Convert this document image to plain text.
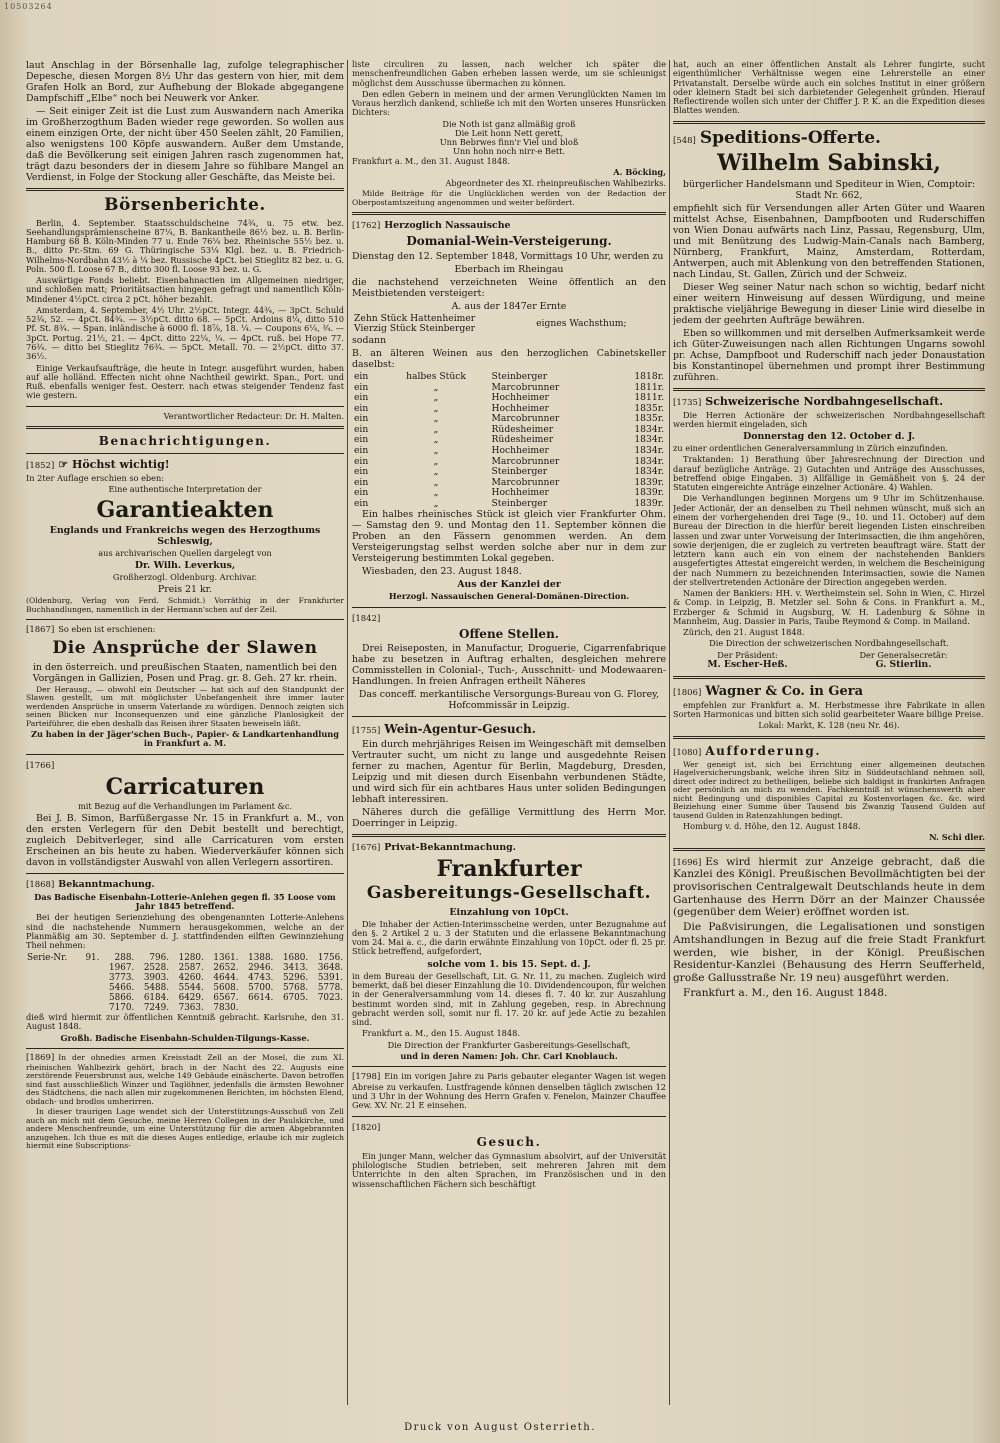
10503264

laut Anschlag in der Börsenhalle lag, zufolge telegraphischer Depesche, diesen Morgen 8½ Uhr das gestern von hier, mit dem Grafen Holk an Bord, zur Aufhebung der Blokade abgegangene Dampfschiff „Elbe“ noch bei Neuwerk vor Anker.

— Seit einiger Zeit ist die Lust zum Auswandern nach Amerika im Großherzogthum Baden wieder rege geworden. So wollen aus einem einzigen Orte, der nicht über 450 Seelen zählt, 20 Familien, also wenigstens 100 Köpfe auswandern. Außer dem Umstande, daß die Bevölkerung seit einigen Jahren rasch zugenommen hat, trägt dazu besonders der in diesem Jahre so fühlbare Mangel an Verdienst, in Folge der Stockung aller Geschäfte, das Meiste bei.

Börsenberichte.

Berlin, 4. September. Staatsschuldscheine 74¾, u. 75 etw. bez. Seehandlungsprämienscheine 87¼, B. Bankantheile 86½ bez. u. B. Berlin-Hamburg 68 B. Köln-Minden 77 u. Ende 76¼ bez. Rheinische 55½ bez. u. B., ditto Pr.-Stm. 69 G. Thüringische 53¼ Klgl. bez. u. B. Friedrich-Wilhelms-Nordbahn 43½ à ¼ bez. Russische 4pCt. bei Stieglitz 82 bez. u. G. Poln. 500 fl. Loose 67 B., ditto 300 fl. Loose 93 bez. u. G.

Auswärtige Fonds beliebt. Eisenbahnactien im Allgemeinen niedriger, und schloßen matt; Prioritätsactien hingegen gefragt und namentlich Köln-Mindener 4½pCt. circa 2 pCt. höher bezahlt.

Amsterdam, 4. September, 4½ Uhr. 2½pCt. Integr. 44¾, — 3pCt. Schuld 52¾, 52. — 4pCt. 84¾. — 3½pCt. ditto 68. — 5pCt. Ardoins 8¼, ditto 510 Pf. St. 8¾. — Span. inländische à 6000 fl. 18⅞, 18. ¼. — Coupons 6¼, ¾. — 3pCt. Portug. 21½, 21. — 4pCt. ditto 22¼, ¼. — 4pCt. ruß. bei Hope 77. 76¾. — ditto bei Stieglitz 76¾. — 5pCt. Metall. 70. — 2½pCt. ditto 37. 36½.

Einige Verkaufsaufträge, die heute in Integr. ausgeführt wurden, haben auf alle holländ. Effecten nicht ohne Nachtheil gewirkt. Span., Port. und Ruß. ebenfalls weniger fest. Oesterr. nach etwas steigender Tendenz fast wie gestern.

Verantwortlicher Redacteur: Dr. H. Malten.

Benachrichtigungen.

[1852] ☞ Höchst wichtig!

In 2ter Auflage erschien so eben:

Eine authentische Interpretation der

Garantieakten

Englands und Frankreichs wegen des Herzogthums Schleswig,

aus archivarischen Quellen dargelegt von

Dr. Wilh. Leverkus,

Großherzogl. Oldenburg. Archivar.

Preis 21 kr.

(Oldenburg, Verlag von Ferd. Schmidt.) Vorräthig in der Frankfurter Buchhandlungen, namentlich in der Hermann'schen auf der Zeil.

[1867] So eben ist erschienen:

Die Ansprüche der Slawen

in den österreich. und preußischen Staaten, namentlich bei den Vorgängen in Gallizien, Posen und Prag. gr. 8. Geh. 27 kr. rhein.

Der Herausg., — obwohl ein Deutscher — hat sich auf den Standpunkt der Slawen gestellt, um mit möglichster Unbefangenheit ihre immer lauter werdenden Ansprüche in unserm Vaterlande zu würdigen. Dennoch zeigten sich seinen Blicken nur Inconsequenzen und eine gänzliche Planlosigkeit der Parteiführer, die eben deshalb das Reisen ihrer Staaten beweiseln läßt.

Zu haben in der Jäger'schen Buch-, Papier- & Landkartenhandlung in Frankfurt a. M.

[1766]

Carricaturen

mit Bezug auf die Verhandlungen im Parlament &c.

Bei J. B. Simon, Barfüßergasse Nr. 15 in Frankfurt a. M., von den ersten Verlegern für den Debit bestellt und berechtigt, zugleich Debitverleger, sind alle Carricaturen vom ersten Erscheinen an bis heute zu haben. Wiederverkäufer können sich davon in vollständigster Auswahl von allen Verlegern assortiren.

[1868] Bekanntmachung.

Das Badische Eisenbahn-Lotterie-Anlehen gegen fl. 35 Loose vom Jahr 1845 betreffend.

Bei der heutigen Serienziehung des obengenannten Lotterie-Anlehens sind die nachstehende Nummern herausgekommen, welche an der Planmäßig am 30. September d. J. stattfindenden eilften Gewinnziehung Theil nehmen:

Serie-Nr.	91.	288.	796.	1280.	1361.	1388.	1680.	1756.
		1967.	2528.	2587.	2652.	2946.	3413.	3648.
		3773.	3903.	4260.	4644.	4743.	5296.	5391.
		5466.	5488.	5544.	5608.	5700.	5768.	5778.
		5866.	6184.	6429.	6567.	6614.	6705.	7023.
		7170.	7249.	7363.	7830.			

dieß wird hiermit zur öffentlichen Kenntniß gebracht. Karlsruhe, den 31. August 1848.

Großh. Badische Eisenbahn-Schulden-Tilgungs-Kasse.

[1869] In der ohnedies armen Kreisstadt Zell an der Mosel, die zum XI. rheinischen Wahlbezirk gehört, brach in der Nacht des 22. Augusts eine zerstörende Feuersbrunst aus, welche 149 Gebäude einäscherte. Davon betroffen sind fast ausschließlich Winzer und Taglöhner, jedenfalls die ärmsten Bewohner des Städtchens, die nach allen mir zugekommenen Berichten, im höchsten Elend, obdach- und brodlos umherirren.

In dieser traurigen Lage wendet sich der Unterstützungs-Ausschuß von Zell auch an mich mit dem Gesuche, meine Herren Collegen in der Paulskirche, und andere Menschenfreunde, um eine Unterstützung für die armen Abgebrannten anzugehen. Ich thue es mit die dieses Auges entledige, erlaube ich mir zugleich hiermit eine Subscriptions-

liste circuliren zu lassen, nach welcher ich später die menschenfreundlichen Gaben erheben lassen werde, um sie schleunigst möglichst dem Ausschusse übermachen zu können.

Den edlen Gebern in meinem und der armen Verunglückten Namen im Voraus herzlich dankend, schließe ich mit den Worten unseres Hunsrücken Dichters:

Die Noth ist ganz allmäßig groß
Die Leit honn Nett gerett,
Unn Bebrwes finn'r Viel und bloß
Unn hohn noch nirr-e Bett.

Frankfurt a. M., den 31. August 1848.

A. Böcking,

Abgeordneter des XI. rheinpreußischen Wahlbezirks.

Milde Beiträge für die Unglücklichen werden von der Redaction der Oberpostamtszeitung angenommen und weiter befördert.

[1762] Herzoglich Nassauische

Domanial-Wein-Versteigerung.

Dienstag den 12. September 1848, Vormittags 10 Uhr, werden zu

Eberbach im Rheingau

die nachstehend verzeichneten Weine öffentlich an den Meistbietenden versteigert:

A. aus der 1847er Ernte

Zehn Stück Hattenheimer
Vierzig Stück Steinberger	eignes Wachsthum;

sodann

B. an älteren Weinen aus den herzoglichen Cabinetskeller daselbst:

ein	halbes Stück	Steinberger	1818r.
ein	„	Marcobrunner	1811r.
ein	„	Hochheimer	1811r.
ein	„	Hochheimer	1835r.
ein	„	Marcobrunner	1835r.
ein	„	Rüdesheimer	1834r.
ein	„	Rüdesheimer	1834r.
ein	„	Hochheimer	1834r.
ein	„	Marcobrunner	1834r.
ein	„	Steinberger	1834r.
ein	„	Marcobrunner	1839r.
ein	„	Hochheimer	1839r.
ein	„	Steinberger	1839r.

Ein halbes rheinisches Stück ist gleich vier Frankfurter Ohm. — Samstag den 9. und Montag den 11. September können die Proben an den Fässern genommen werden. An dem Versteigerungstag selbst werden solche aber nur in dem zur Versteigerung bestimmten Lokal gegeben.

Wiesbaden, den 23. August 1848.

Aus der Kanzlei der

Herzogl. Nassauischen General-Domänen-Direction.

[1842]

Offene Stellen.

Drei Reiseposten, in Manufactur, Droguerie, Cigarrenfabrique habe zu besetzen in Auftrag erhalten, desgleichen mehrere Commisstellen in Colonial-, Tuch-, Ausschnitt- und Modewaaren-Handlungen. In freien Anfragen ertheilt Näheres

Das conceff. merkantilische Versorgungs-Bureau von G. Florey, Hofcommissär in Leipzig.

[1755] Wein-Agentur-Gesuch.

Ein durch mehrjähriges Reisen im Weingeschäft mit demselben Vertrauter sucht, um nicht zu lange und ausgedehnte Reisen ferner zu machen, Agentur für Berlin, Magdeburg, Dresden, Leipzig und mit diesen durch Eisenbahn verbundenen Städte, und wird sich für ein achtbares Haus unter soliden Bedingungen lebhaft interessiren.

Näheres durch die gefällige Vermittlung des Herrn Mor. Doerringer in Leipzig.

[1676] Privat-Bekanntmachung.

Frankfurter

Gasbereitungs-Gesellschaft.

Einzahlung von 10pCt.

Die Inhaber der Actien-Interimsscheine werden, unter Bezugnahme auf den §. 2 Artikel 2 u. 3 der Statuten und die erlassene Bekanntmachung vom 24. Mai a. c., die darin erwähnte Einzahlung von 10pCt. oder fl. 25 pr. Stück betreffend, aufgefordert,

solche vom 1. bis 15. Sept. d. J.

in dem Bureau der Gesellschaft, Lit. G. Nr. 11, zu machen. Zugleich wird bemerkt, daß bei dieser Einzahlung die 10. Dividendencoupon, für welchen in der Generalversammlung vom 14. dieses fl. 7. 40 kr. zur Auszahlung bestimmt worden sind, mit in Zahlung gegeben, resp. in Abrechnung gebracht werden soll, somit nur fl. 17. 20 kr. auf jede Actie zu bezahlen sind.

Frankfurt a. M., den 15. August 1848.

Die Direction der Frankfurter Gasbereitungs-Gesellschaft,

und in deren Namen: Joh. Chr. Carl Knoblauch.

[1798] Ein im vorigen Jahre zu Paris gebauter eleganter Wagen ist wegen Abreise zu verkaufen. Lustfragende können denselben täglich zwischen 12 und 3 Uhr in der Wohnung des Herrn Grafen v. Fenelon, Mainzer Chauffee Gew. XV. Nr. 21 E einsehen.

[1820]

Gesuch.

Ein junger Mann, welcher das Gymnasium absolvirt, auf der Universität philologische Studien betrieben, seit mehreren Jahren mit dem Unterrichte in den alten Sprachen, im Französischen und in den wissenschaftlichen Fächern sich beschäftigt

hat, auch an einer öffentlichen Anstalt als Lehrer fungirte, sucht eigenthümlicher Verhältnisse wegen eine Lehrerstelle an einer Privatanstalt. Derselbe würde auch ein solches Institut in einer größern oder kleinern Stadt bei sich darbietender Gelegenheit gründen. Hierauf Reflectirende wollen sich unter der Chiffer J. P. K. an die Expedition dieses Blattes wenden.

[548] Speditions-Offerte.

Wilhelm Sabinski,

bürgerlicher Handelsmann und Spediteur in Wien, Comptoir: Stadt Nr. 662,

empfiehlt sich für Versendungen aller Arten Güter und Waaren mittelst Achse, Eisenbahnen, Dampfbooten und Ruderschiffen von Wien Donau aufwärts nach Linz, Passau, Regensburg, Ulm, und mit Benützung des Ludwig-Main-Canals nach Bamberg, Nürnberg, Frankfurt, Mainz, Amsterdam, Rotterdam, Antwerpen, auch mit Ablenkung von den betreffenden Stationen, nach Lindau, St. Gallen, Zürich und der Schweiz.

Dieser Weg seiner Natur nach schon so wichtig, bedarf nicht einer weitern Hinweisung auf dessen Würdigung, und meine praktische vieljährige Bewegung in dieser Linie wird dieselbe in jedem der geehrten Aufträge bewähren.

Eben so willkommen und mit derselben Aufmerksamkeit werde ich Güter-Zuweisungen nach allen Richtungen Ungarns sowohl pr. Achse, Dampfboot und Ruderschiff nach jeder Donaustation bis Konstantinopel übernehmen und prompt ihrer Bestimmung zuführen.

[1735] Schweizerische Nordbahngesellschaft.

Die Herren Actionäre der schweizerischen Nordbahngesellschaft werden hiermit eingeladen, sich

Donnerstag den 12. October d. J.

zu einer ordentlichen Generalversammlung in Zürich einzufinden.

Traktanden: 1) Berathung über Jahresrechnung der Direction und darauf bezügliche Anträge. 2) Gutachten und Anträge des Ausschusses, betreffend obige Eingaben. 3) Allfällige in Gemäßheit von §. 24 der Statuten eingereichte Anträge einzelner Actionäre. 4) Wahlen.

Die Verhandlungen beginnen Morgens um 9 Uhr im Schützenhause. Jeder Actionär, der an denselben zu Theil nehmen wünscht, muß sich an einem der vorhergehenden drei Tage (9., 10. und 11. October) auf dem Bureau der Direction in die hierfür bereit liegenden Listen einschreiben lassen und zwar unter Vorweisung der Interimsactien, die ihm angehören, sowie derjenigen, die er zugleich zu vertreten beauftragt wäre. Statt der letztern kann auch ein von einem der nachstehenden Bankiers ausgefertigtes Attestat eingereicht werden, in welchem die Bescheinigung der nach Nummern zu bezeichnenden Interimsactien, sowie die Namen der stellvertretenden Actionäre der Direction angegeben werden.

Namen der Bankiers: HH. v. Wertheimstein sel. Sohn in Wien, C. Hirzel & Comp. in Leipzig, B. Metzler sel. Sohn & Cons. in Frankfurt a. M., Erzberger & Schmid in Augsburg, W. H. Ladenburg & Söhne in Mannheim, Aug. Dassier in Paris, Taube Reymond & Comp. in Mailand.

Zürich, den 21. August 1848.

Die Direction der schweizerischen Nordbahngesellschaft.

Der Präsident:	Der Generalsecretär:
M. Escher-Heß.	G. Stierlin.

[1806] Wagner & Co. in Gera

empfehlen zur Frankfurt a. M. Herbstmesse ihre Fabrikate in allen Sorten Harmonicas und bitten sich solid gearbeiteter Waare billige Preise.

Lokal: Markt, K. 128 (neu Nr. 46).

[1080] Aufforderung.

Wer geneigt ist, sich bei Errichtung einer allgemeinen deutschen Hagelversicherungsbank, welche ihren Sitz in Süddeutschland nehmen soll, direct oder indirect zu betheiligen, beliebe sich baldigst in frankirten Anfragen oder persönlich an mich zu wenden. Fachkenntniß ist wünschenswerth aber nicht Bedingung und disponibles Capital zu Kostenvorlagen &c. &c. wird Beiziehung einer Summe über Tausend bis Zwanzig Tausend Gulden auf tausend Gulden in Ratenzahlungen bedingt.

Homburg v. d. Höhe, den 12. August 1848.

N. Schi dler.

[1696] Es wird hiermit zur Anzeige gebracht, daß die Kanzlei des Königl. Preußischen Bevollmächtigten bei der provisorischen Centralgewalt Deutschlands heute in dem Gartenhause des Herrn Dörr an der Mainzer Chaussée (gegenüber dem Weier) eröffnet worden ist.

Die Paßvisirungen, die Legalisationen und sonstigen Amtshandlungen in Bezug auf die freie Stadt Frankfurt werden, wie bisher, in der Königl. Preußischen Residentur-Kanzlei (Behausung des Herrn Seufferheld, große Gallusstraße Nr. 19 neu) ausgeführt werden.

Frankfurt a. M., den 16. August 1848.

Druck von August Osterrieth.
